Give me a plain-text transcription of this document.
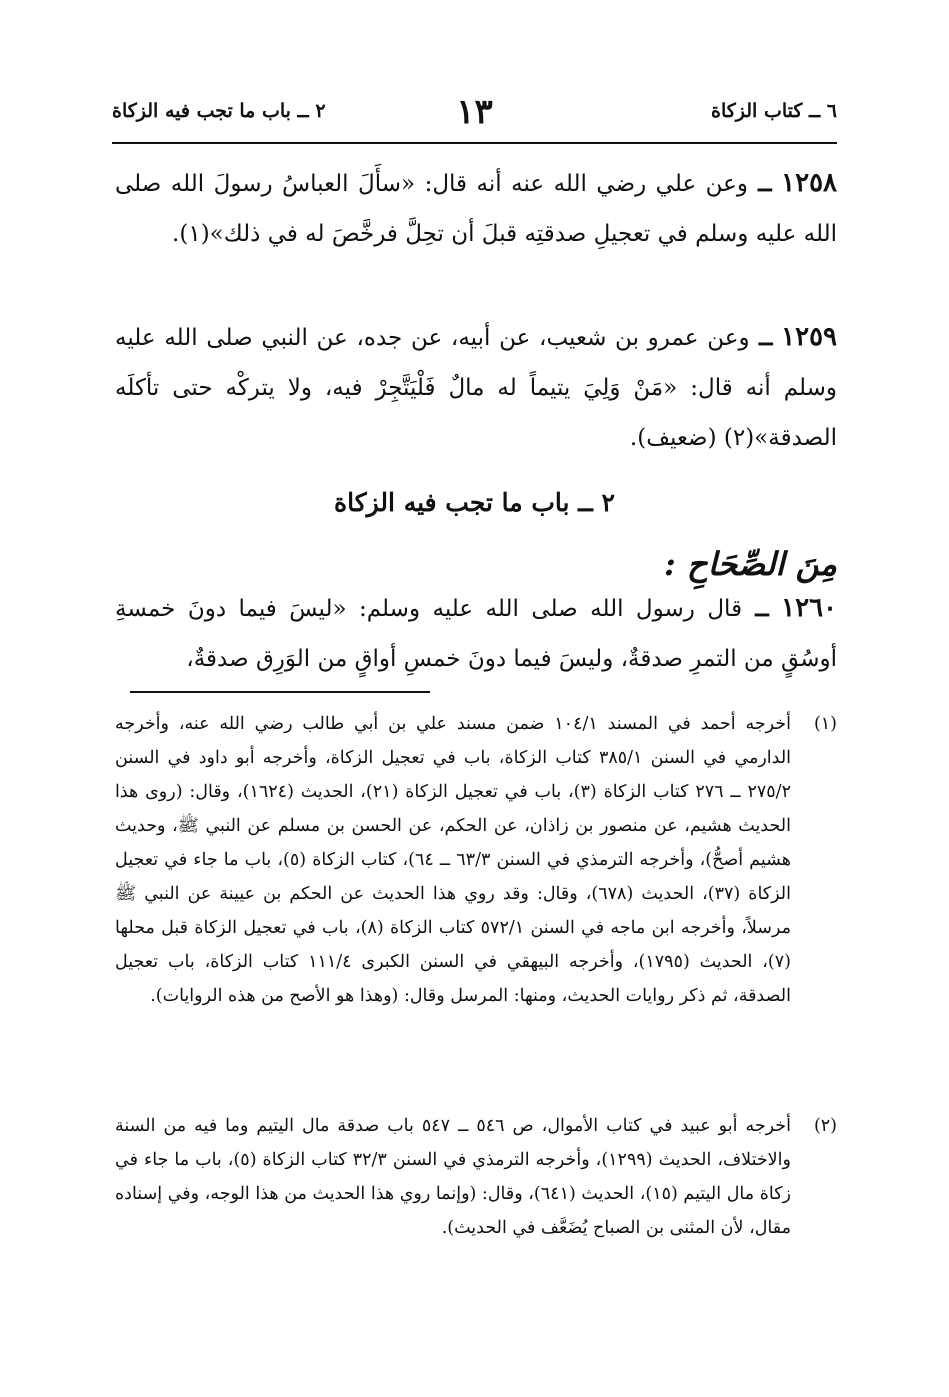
٦ ــ كتاب الزكاة
١٣
٢ ــ باب ما تجب فيه الزكاة
١٢٥٨ ــ وعن علي رضي الله عنه أنه قال: «سأَلَ العباسُ رسولَ الله صلى الله عليه وسلم في تعجيلِ صدقتِه قبلَ أن تحِلَّ فرخَّصَ له في ذلك»(١).
١٢٥٩ ــ وعن عمرو بن شعيب، عن أبيه، عن جده، عن النبي صلى الله عليه وسلم أنه قال: «مَنْ وَلِيَ يتيماً له مالٌ فَلْيَتَّجِرْ فيه، ولا يتركْه حتى تأكلَه الصدقة»(٢) (ضعيف).
٢ ــ باب ما تجب فيه الزكاة
مِنَ الصِّحَاحِ :
١٢٦٠ ــ قال رسول الله صلى الله عليه وسلم: «ليسَ فيما دونَ خمسةِ أوسُقٍ من التمرِ صدقةٌ، وليسَ فيما دونَ خمسِ أواقٍ من الوَرِق صدقةٌ،
(١)
أخرجه أحمد في المسند ١٠٤/١ ضمن مسند علي بن أبي طالب رضي الله عنه، وأخرجه الدارمي في السنن ٣٨٥/١ كتاب الزكاة، باب في تعجيل الزكاة، وأخرجه أبو داود في السنن ٢٧٥/٢ ــ ٢٧٦ كتاب الزكاة (٣)، باب في تعجيل الزكاة (٢١)، الحديث (١٦٢٤)، وقال: (روى هذا الحديث هشيم، عن منصور بن زاذان، عن الحكم، عن الحسن بن مسلم عن النبي ﷺ، وحديث هشيم أصحُّ)، وأخرجه الترمذي في السنن ٦٣/٣ ــ ٦٤)، كتاب الزكاة (٥)، باب ما جاء في تعجيل الزكاة (٣٧)، الحديث (٦٧٨)، وقال: وقد روي هذا الحديث عن الحكم بن عيينة عن النبي ﷺ مرسلاً، وأخرجه ابن ماجه في السنن ٥٧٢/١ كتاب الزكاة (٨)، باب في تعجيل الزكاة قبل محلها (٧)، الحديث (١٧٩٥)، وأخرجه البيهقي في السنن الكبرى ١١١/٤ كتاب الزكاة، باب تعجيل الصدقة، ثم ذكر روايات الحديث، ومنها: المرسل وقال: (وهذا هو الأصح من هذه الروايات).
(٢)
أخرجه أبو عبيد في كتاب الأموال، ص ٥٤٦ ــ ٥٤٧ باب صدقة مال اليتيم وما فيه من السنة والاختلاف، الحديث (١٢٩٩)، وأخرجه الترمذي في السنن ٣٢/٣ كتاب الزكاة (٥)، باب ما جاء في زكاة مال اليتيم (١٥)، الحديث (٦٤١)، وقال: (وإنما روي هذا الحديث من هذا الوجه، وفي إسناده مقال، لأن المثنى بن الصباح يُضَعَّف في الحديث).
